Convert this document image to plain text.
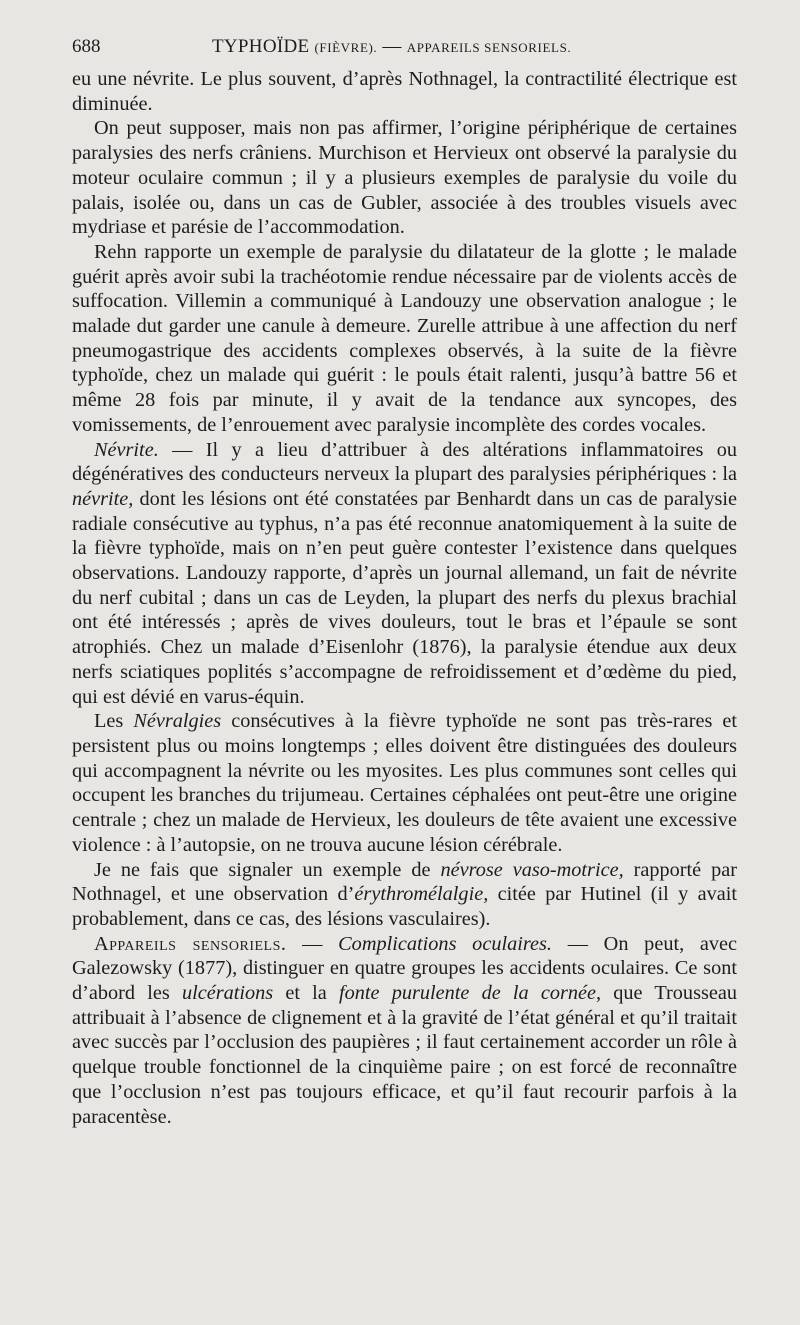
688	TYPHOÏDE (FIÈVRE). — APPAREILS SENSORIELS.

eu une névrite. Le plus souvent, d’après Nothnagel, la contractilité électrique est diminuée.

On peut supposer, mais non pas affirmer, l’origine périphérique de certaines paralysies des nerfs crâniens. Murchison et Hervieux ont observé la paralysie du moteur oculaire commun ; il y a plusieurs exemples de paralysie du voile du palais, isolée ou, dans un cas de Gubler, associée à des troubles visuels avec mydriase et parésie de l’accommodation.

Rehn rapporte un exemple de paralysie du dilatateur de la glotte ; le malade guérit après avoir subi la trachéotomie rendue nécessaire par de violents accès de suffocation. Villemin a communiqué à Landouzy une observation analogue ; le malade dut garder une canule à demeure. Zurelle attribue à une affection du nerf pneumogastrique des accidents complexes observés, à la suite de la fièvre typhoïde, chez un malade qui guérit : le pouls était ralenti, jusqu’à battre 56 et même 28 fois par minute, il y avait de la tendance aux syncopes, des vomissements, de l’enrouement avec paralysie incomplète des cordes vocales.

Névrite. — Il y a lieu d’attribuer à des altérations inflammatoires ou dégénératives des conducteurs nerveux la plupart des paralysies périphériques : la névrite, dont les lésions ont été constatées par Benhardt dans un cas de paralysie radiale consécutive au typhus, n’a pas été reconnue anatomiquement à la suite de la fièvre typhoïde, mais on n’en peut guère contester l’existence dans quelques observations. Landouzy rapporte, d’après un journal allemand, un fait de névrite du nerf cubital ; dans un cas de Leyden, la plupart des nerfs du plexus brachial ont été intéressés ; après de vives douleurs, tout le bras et l’épaule se sont atrophiés. Chez un malade d’Eisenlohr (1876), la paralysie étendue aux deux nerfs sciatiques poplités s’accompagne de refroidissement et d’œdème du pied, qui est dévié en varus-équin.

Les Névralgies consécutives à la fièvre typhoïde ne sont pas très-rares et persistent plus ou moins longtemps ; elles doivent être distinguées des douleurs qui accompagnent la névrite ou les myosites. Les plus communes sont celles qui occupent les branches du trijumeau. Certaines céphalées ont peut-être une origine centrale ; chez un malade de Hervieux, les douleurs de tête avaient une excessive violence : à l’autopsie, on ne trouva aucune lésion cérébrale.

Je ne fais que signaler un exemple de névrose vaso-motrice, rapporté par Nothnagel, et une observation d’érythromélalgie, citée par Hutinel (il y avait probablement, dans ce cas, des lésions vasculaires).

Appareils sensoriels. — Complications oculaires. — On peut, avec Galezowsky (1877), distinguer en quatre groupes les accidents oculaires. Ce sont d’abord les ulcérations et la fonte purulente de la cornée, que Trousseau attribuait à l’absence de clignement et à la gravité de l’état général et qu’il traitait avec succès par l’occlusion des paupières ; il faut certainement accorder un rôle à quelque trouble fonctionnel de la cinquième paire ; on est forcé de reconnaître que l’occlusion n’est pas toujours efficace, et qu’il faut recourir parfois à la paracentèse.
